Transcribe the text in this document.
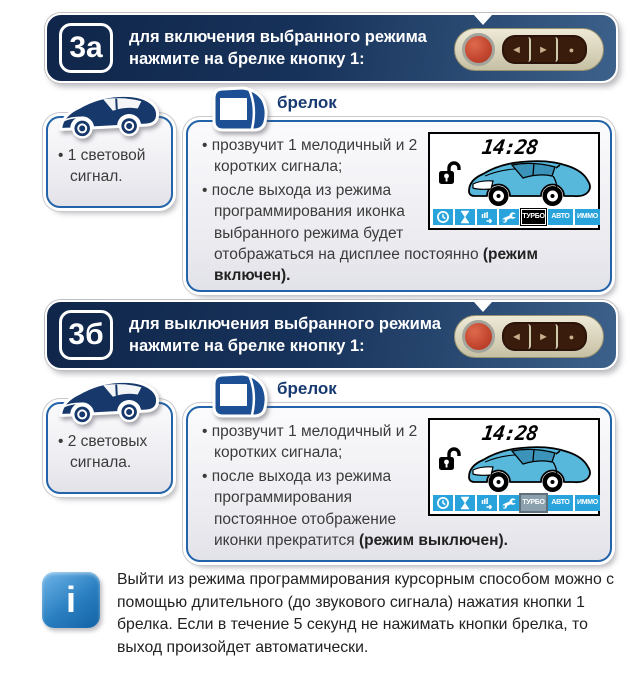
3а	для включения выбранного режима
нажмите на брелке кнопку 1:
◄	►	●

• 1 световой сигнал.

брелок
14:28
ТУРБО АВТО	ИММО

• прозвучит 1 мелодичный и 2 коротких сигнала;

• после выхода из режима программирования иконка выбранного режима будет отображаться на дисплее постоянно (режим включен).

3б	для выключения выбранного режима
нажмите на брелке кнопку 1:
◄	►	●

• 2 световых сигнала.

брелок
14:28
ТУРБО АВТО	ИММО

• прозвучит 1 мелодичный и 2 коротких сигнала;

• после выхода из режима программирования постоянное отображение иконки прекратится (режим выключен).

i	Выйти из режима программирования курсорным способом можно с помощью длительного (до звукового сигнала) нажатия кнопки 1 брелка. Если в течение 5 секунд не нажимать кнопки брелка, то выход произойдет автоматически.
